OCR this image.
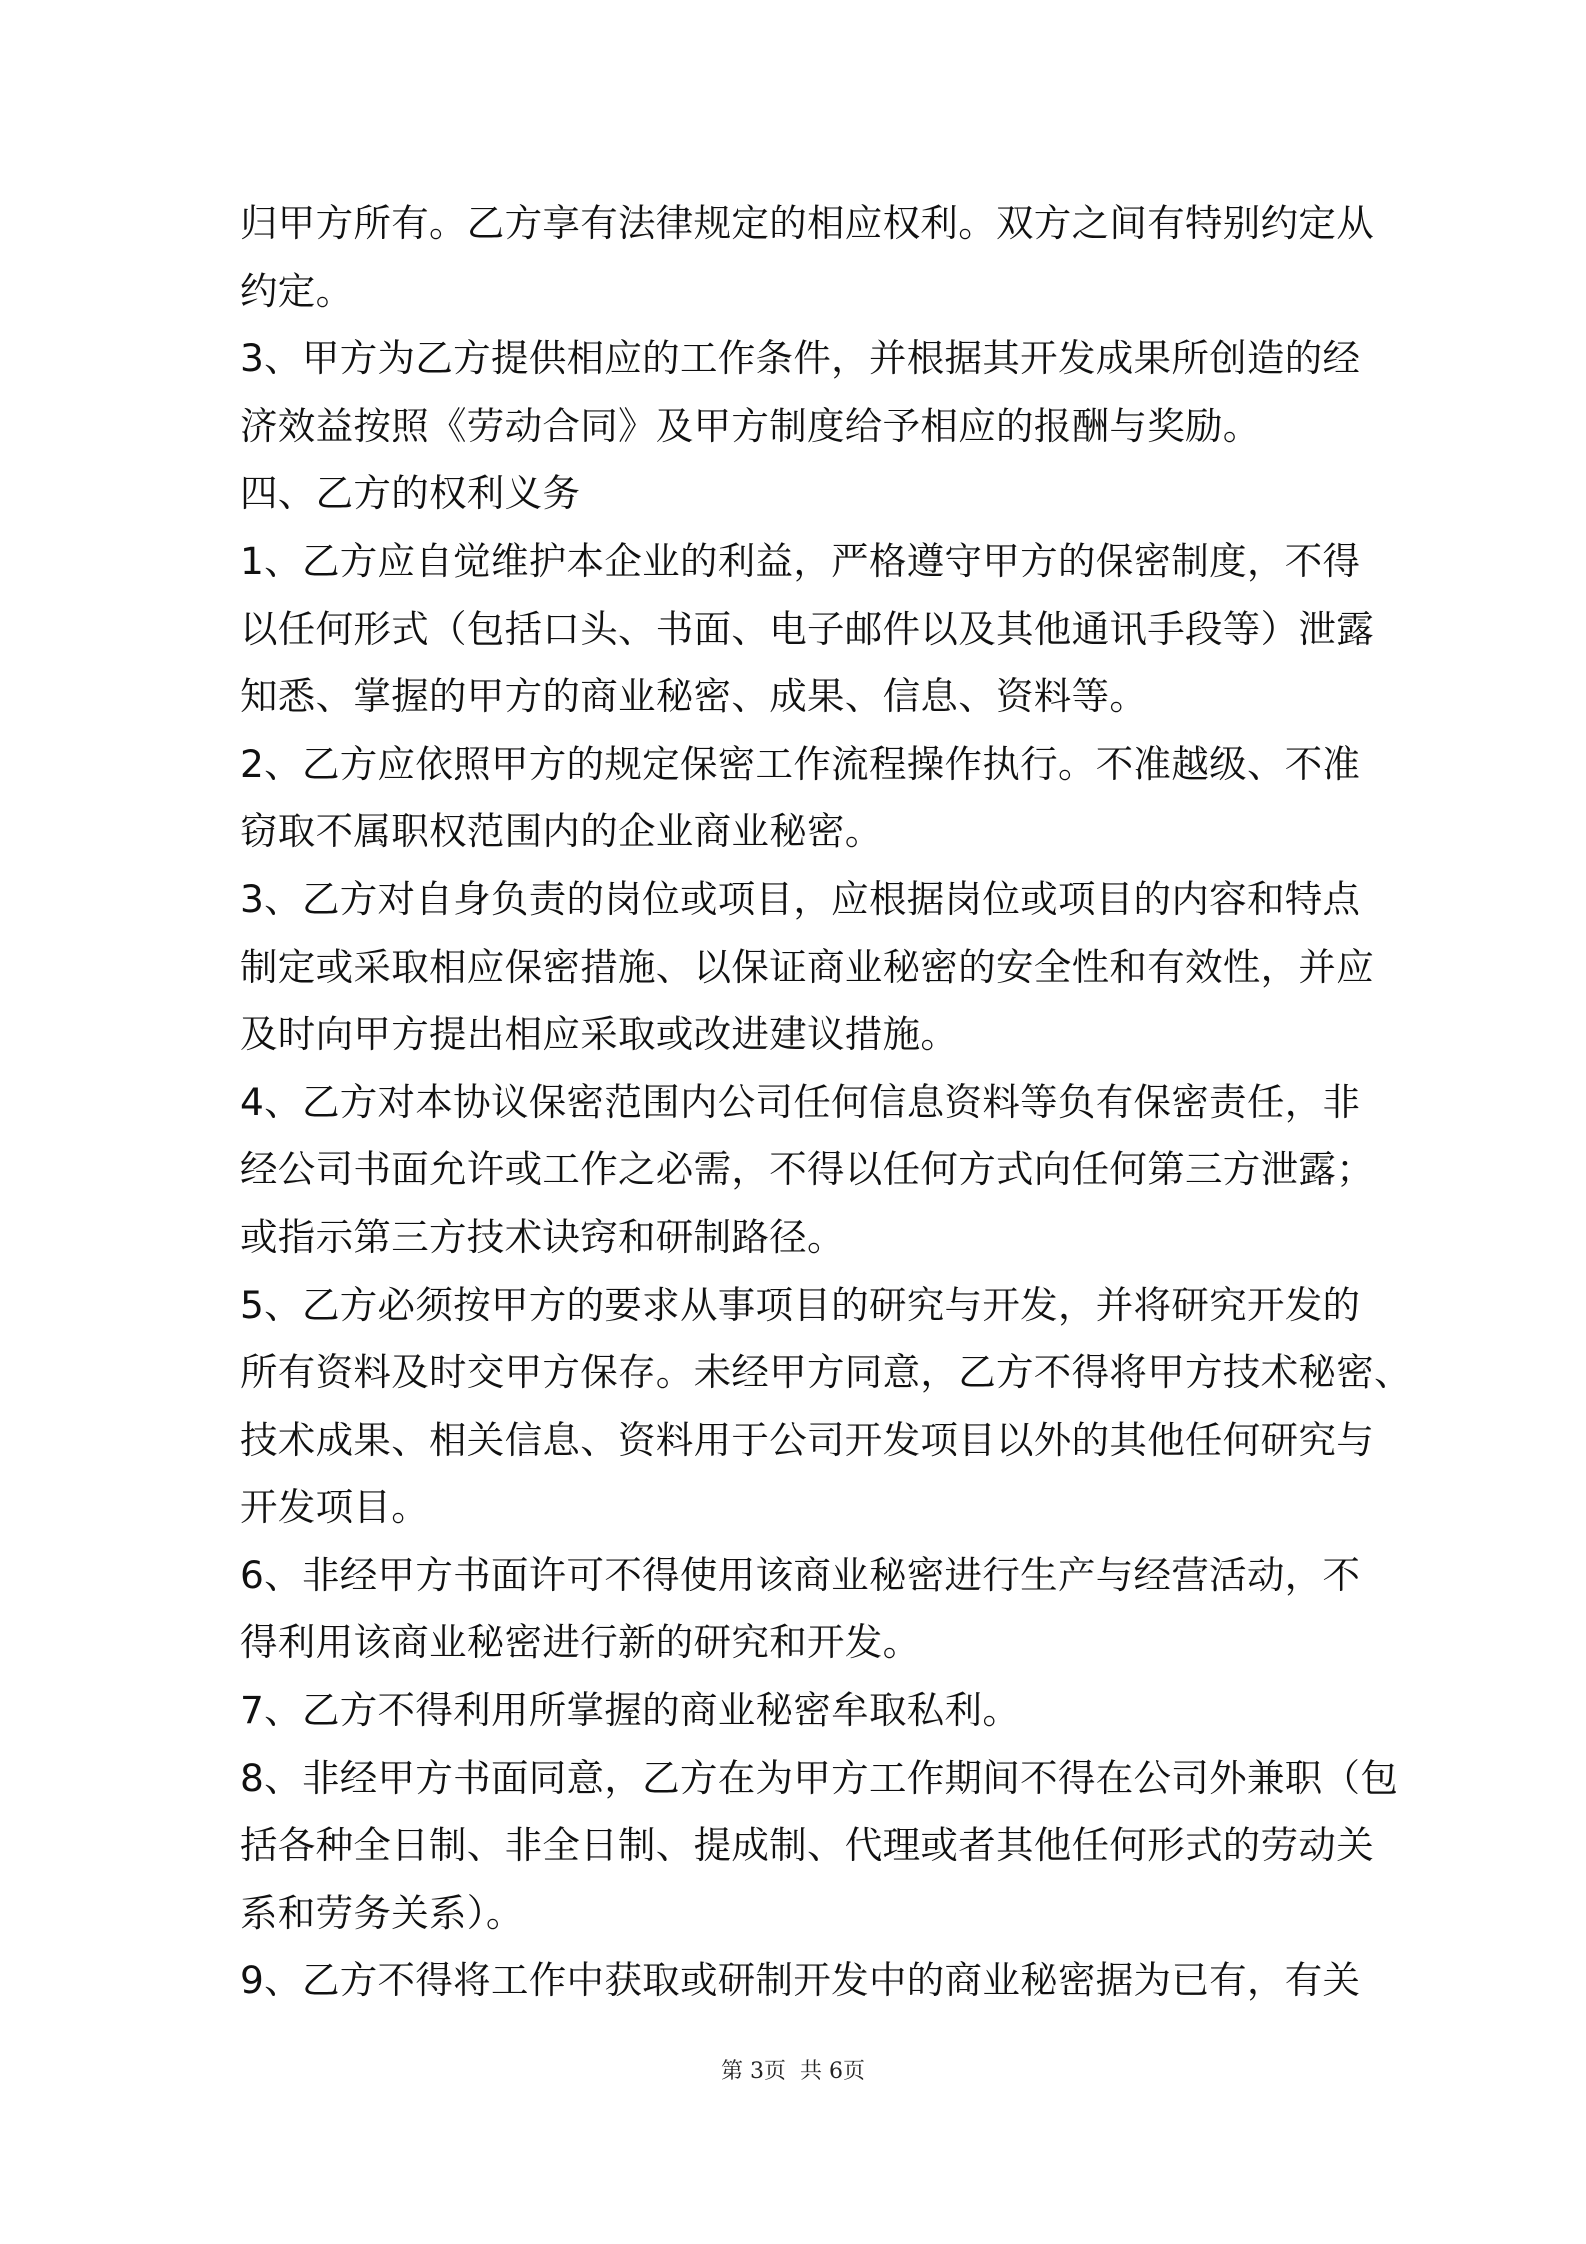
归甲方所有。乙方享有法律规定的相应权利。双方之间有特别约定从
约定。
3、甲方为乙方提供相应的工作条件，并根据其开发成果所创造的经
济效益按照《劳动合同》及甲方制度给予相应的报酬与奖励。
四、乙方的权利义务
1、乙方应自觉维护本企业的利益，严格遵守甲方的保密制度，不得
以任何形式（包括口头、书面、电子邮件以及其他通讯手段等）泄露
知悉、掌握的甲方的商业秘密、成果、信息、资料等。
2、乙方应依照甲方的规定保密工作流程操作执行。不准越级、不准
窃取不属职权范围内的企业商业秘密。
3、乙方对自身负责的岗位或项目，应根据岗位或项目的内容和特点
制定或采取相应保密措施、以保证商业秘密的安全性和有效性，并应
及时向甲方提出相应采取或改进建议措施。
4、乙方对本协议保密范围内公司任何信息资料等负有保密责任，非
经公司书面允许或工作之必需，不得以任何方式向任何第三方泄露；
或指示第三方技术诀窍和研制路径。
5、乙方必须按甲方的要求从事项目的研究与开发，并将研究开发的
所有资料及时交甲方保存。未经甲方同意，乙方不得将甲方技术秘密、
技术成果、相关信息、资料用于公司开发项目以外的其他任何研究与
开发项目。
6、非经甲方书面许可不得使用该商业秘密进行生产与经营活动，不
得利用该商业秘密进行新的研究和开发。
7、乙方不得利用所掌握的商业秘密牟取私利。
8、非经甲方书面同意，乙方在为甲方工作期间不得在公司外兼职（包
括各种全日制、非全日制、提成制、代理或者其他任何形式的劳动关
系和劳务关系）。
9、乙方不得将工作中获取或研制开发中的商业秘密据为已有，有关
第 3页  共 6页
